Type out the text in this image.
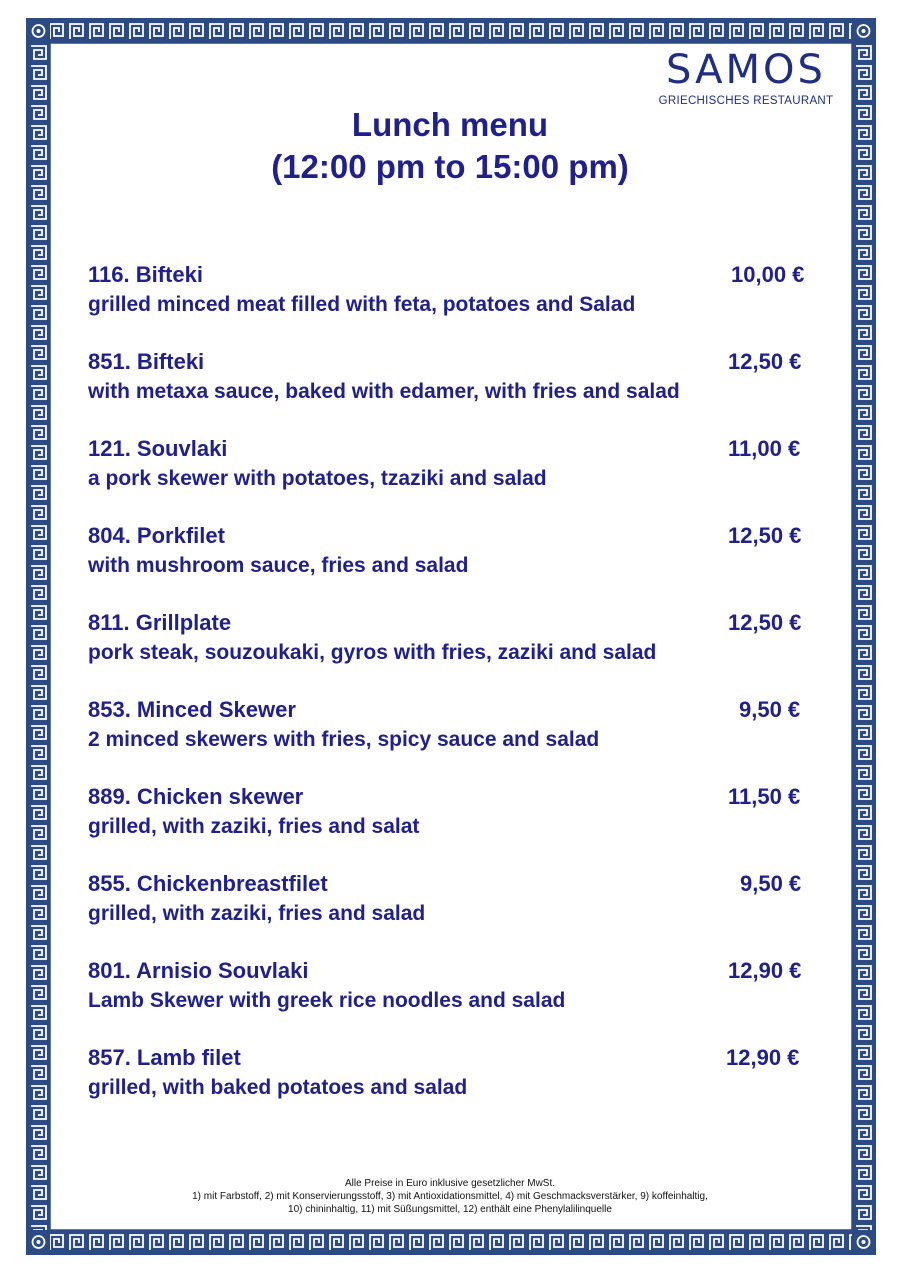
SAMOS
GRIECHISCHES RESTAURANT
Lunch menu
(12:00 pm to 15:00 pm)
116. Bifteki	10,00 €
grilled minced meat filled with feta, potatoes and Salad
851. Bifteki	12,50 €
with metaxa sauce, baked with edamer, with fries and salad
121. Souvlaki	11,00 €
a pork skewer with potatoes, tzaziki and salad
804. Porkfilet	12,50 €
with mushroom sauce, fries and salad
811. Grillplate	12,50 €
pork steak, souzoukaki, gyros with fries, zaziki and salad
853. Minced Skewer	9,50 €
2 minced skewers with fries, spicy sauce and salad
889. Chicken skewer	11,50 €
grilled, with zaziki, fries and salat
855. Chickenbreastfilet	9,50 €
grilled, with zaziki, fries and salad
801. Arnisio Souvlaki	12,90 €
Lamb Skewer with greek rice noodles and salad
857. Lamb filet	12,90 €
grilled, with baked potatoes and salad
Alle Preise in Euro inklusive gesetzlicher MwSt.
1) mit Farbstoff, 2) mit Konservierungsstoff, 3) mit Antioxidationsmittel, 4) mit Geschmacksverstärker, 9) koffeinhaltig,
10) chininhaltig, 11) mit Süßungsmittel, 12) enthält eine Phenylalilinquelle
